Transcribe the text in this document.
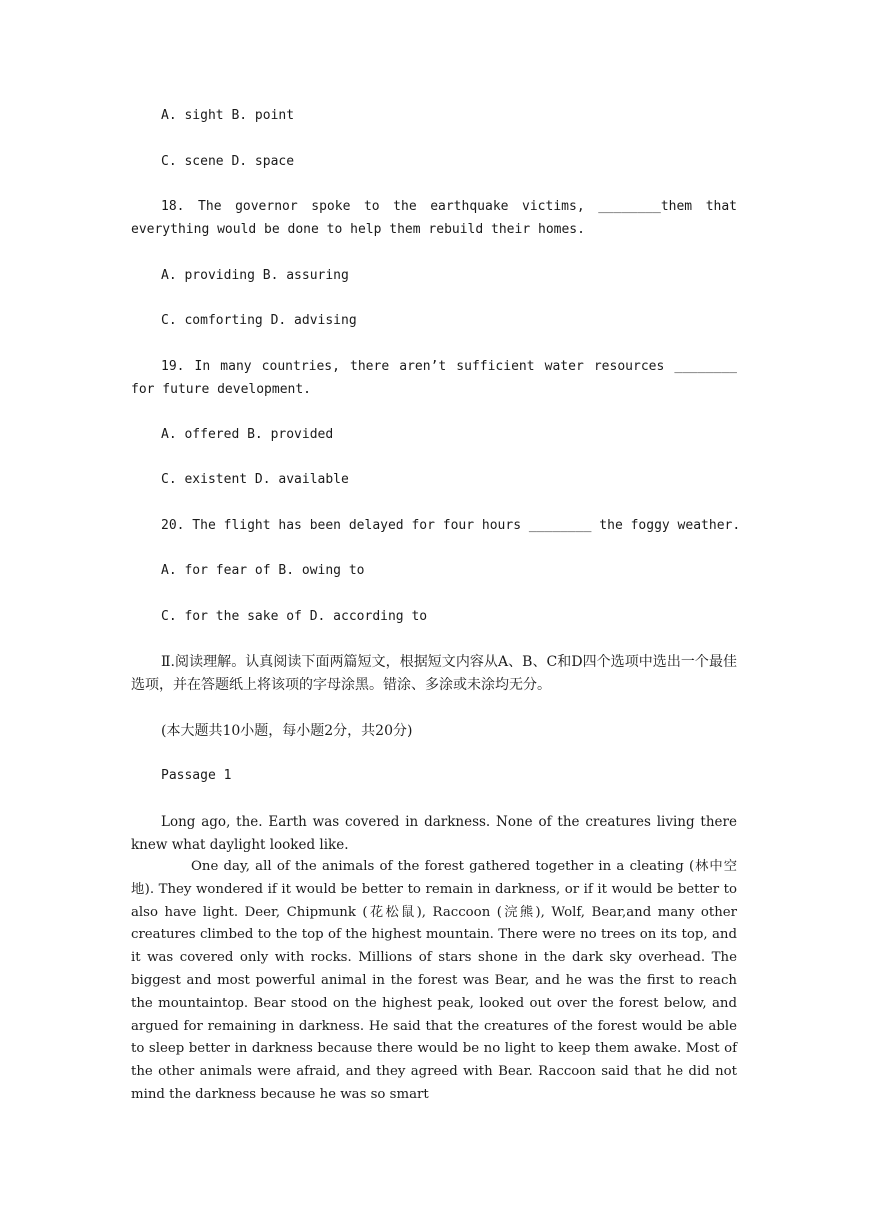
A. sight B. point
C. scene D. space
18. The governor spoke to the earthquake victims, ________them that everything would be done to help them rebuild their homes.
A. providing B. assuring
C. comforting D. advising
19. In many countries, there aren’t sufficient water resources ________ for future development.
A. offered B. provided
C. existent D. available
20. The flight has been delayed for four hours ________ the foggy weather.
A. for fear of B. owing to
C. for the sake of D. according to
Ⅱ.阅读理解。认真阅读下面两篇短文，根据短文内容从A、B、C和D四个选项中选出一个最佳选项，并在答题纸上将该项的字母涂黑。错涂、多涂或未涂均无分。
(本大题共10小题，每小题2分，共20分)
Passage 1
Long ago, the. Earth was covered in darkness. None of the creatures living there knew what daylight looked like.
One day, all of the animals of the forest gathered together in a cleating (林中空地). They wondered if it would be better to remain in darkness, or if it would be better to also have light. Deer, Chipmunk (花松鼠), Raccoon (浣熊), Wolf, Bear,and many other creatures climbed to the top of the highest mountain. There were no trees on its top, and it was covered only with rocks. Millions of stars shone in the dark sky overhead. The biggest and most powerful animal in the forest was Bear, and he was the first to reach the mountaintop. Bear stood on the highest peak, looked out over the forest below, and argued for remaining in darkness. He said that the creatures of the forest would be able to sleep better in darkness because there would be no light to keep them awake. Most of the other animals were afraid, and they agreed with Bear. Raccoon said that he did not mind the darkness because he was so smart
